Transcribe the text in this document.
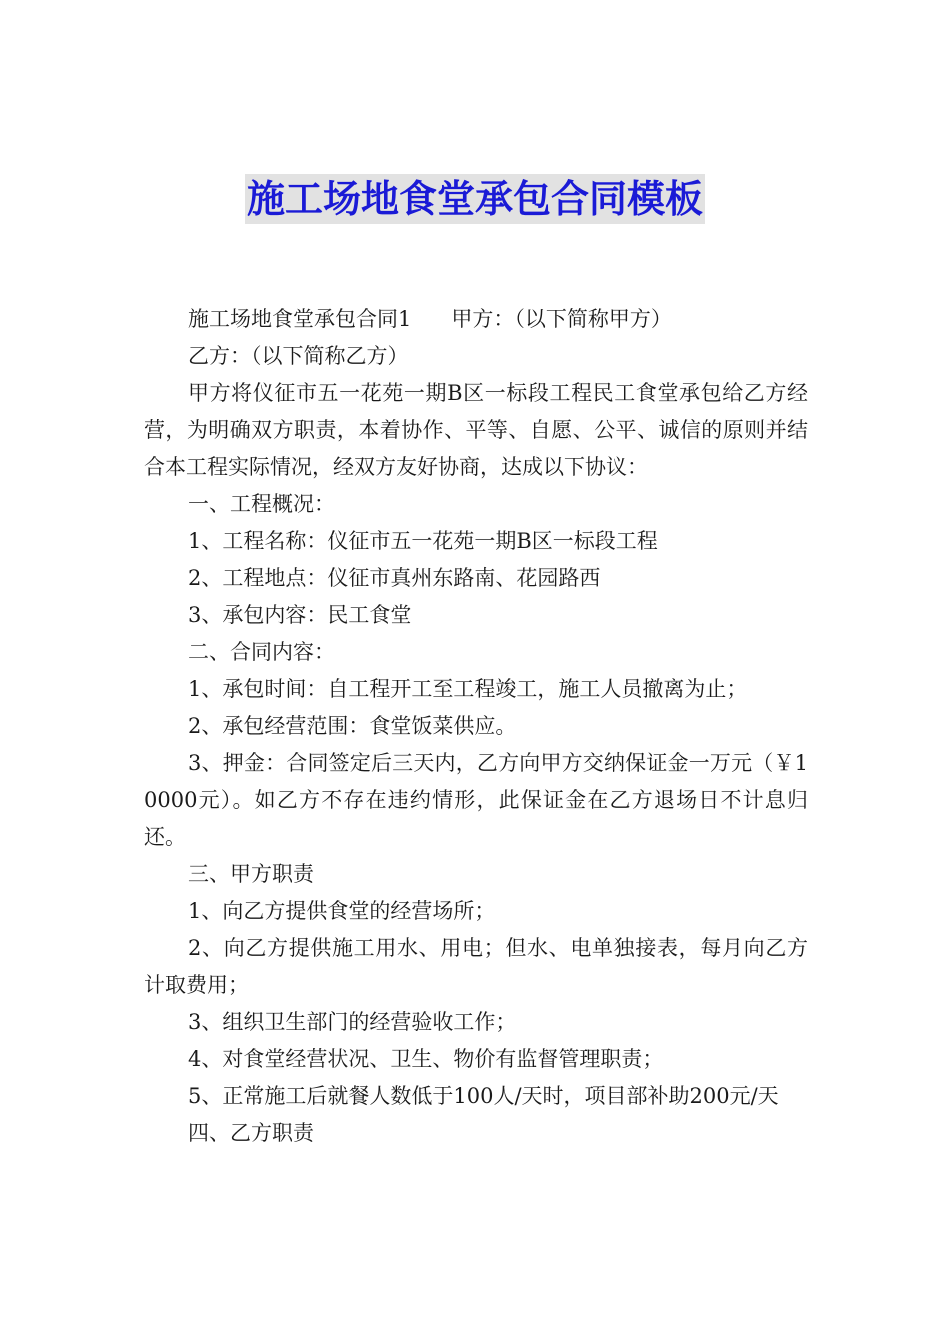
施工场地食堂承包合同模板

施工场地食堂承包合同1 甲方：（以下简称甲方）

乙方：（以下简称乙方）

甲方将仪征市五一花苑一期B区一标段工程民工食堂承包给乙方经营，为明确双方职责，本着协作、平等、自愿、公平、诚信的原则并结合本工程实际情况，经双方友好协商，达成以下协议：

一、工程概况：

1、工程名称：仪征市五一花苑一期B区一标段工程

2、工程地点：仪征市真州东路南、花园路西

3、承包内容：民工食堂

二、合同内容：

1、承包时间：自工程开工至工程竣工，施工人员撤离为止；

2、承包经营范围：食堂饭菜供应。

3、押金：合同签定后三天内，乙方向甲方交纳保证金一万元（￥10000元）。如乙方不存在违约情形，此保证金在乙方退场日不计息归还。

三、甲方职责

1、向乙方提供食堂的经营场所；

2、向乙方提供施工用水、用电；但水、电单独接表，每月向乙方计取费用；

3、组织卫生部门的经营验收工作；

4、对食堂经营状况、卫生、物价有监督管理职责；

5、正常施工后就餐人数低于100人/天时，项目部补助200元/天

四、乙方职责
